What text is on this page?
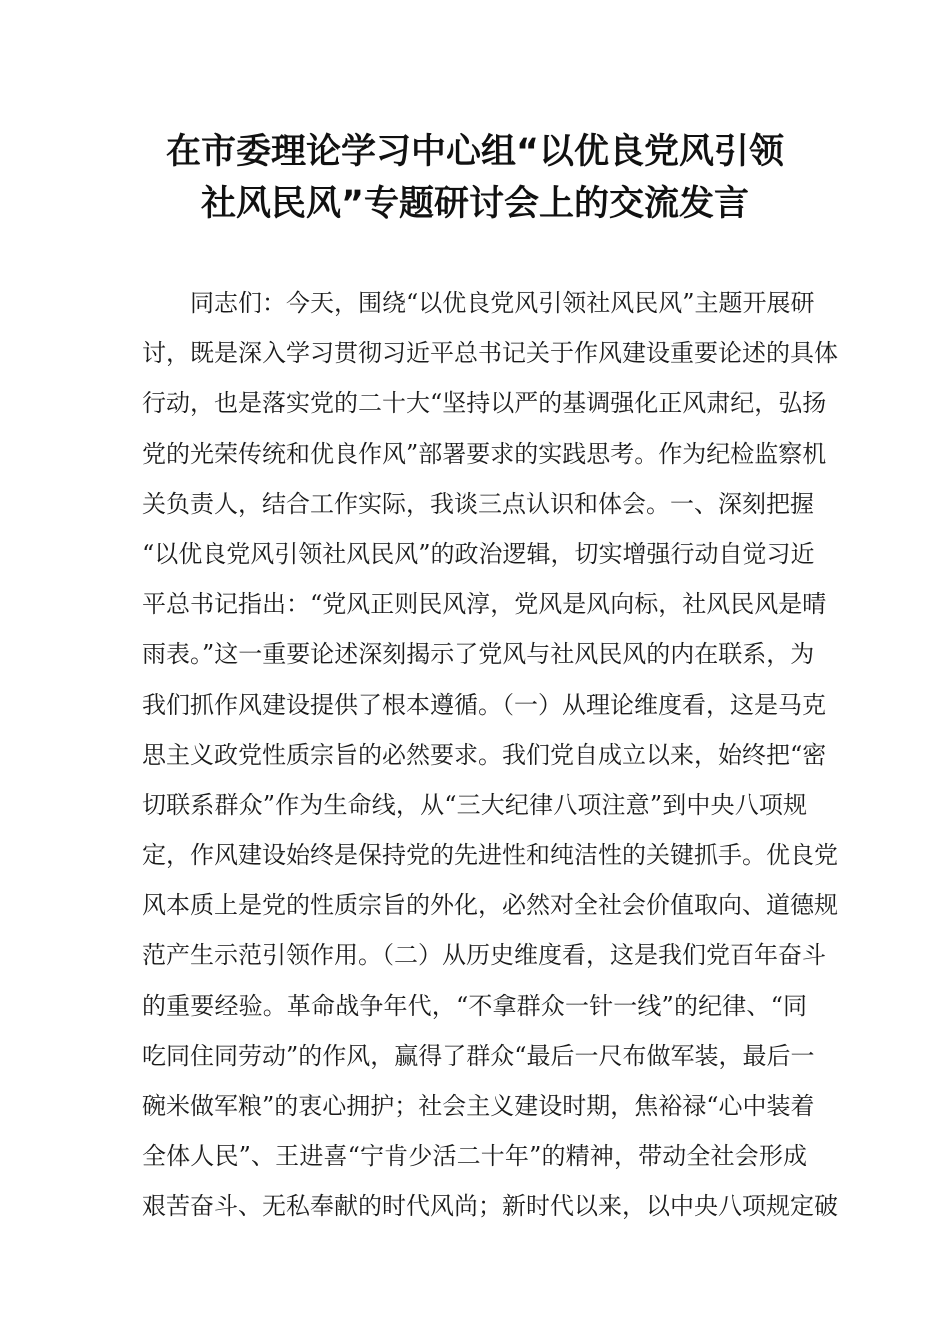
在市委理论学习中心组“以优良党风引领
社风民风”专题研讨会上的交流发言
同志们：今天，围绕“以优良党风引领社风民风”主题开展研
讨，既是深入学习贯彻习近平总书记关于作风建设重要论述的具体
行动，也是落实党的二十大“坚持以严的基调强化正风肃纪，弘扬
党的光荣传统和优良作风”部署要求的实践思考。作为纪检监察机
关负责人，结合工作实际，我谈三点认识和体会。一、深刻把握
“以优良党风引领社风民风”的政治逻辑，切实增强行动自觉习近
平总书记指出：“党风正则民风淳，党风是风向标，社风民风是晴
雨表。”这一重要论述深刻揭示了党风与社风民风的内在联系，为
我们抓作风建设提供了根本遵循。（一）从理论维度看，这是马克
思主义政党性质宗旨的必然要求。我们党自成立以来，始终把“密
切联系群众”作为生命线，从“三大纪律八项注意”到中央八项规
定，作风建设始终是保持党的先进性和纯洁性的关键抓手。优良党
风本质上是党的性质宗旨的外化，必然对全社会价值取向、道德规
范产生示范引领作用。（二）从历史维度看，这是我们党百年奋斗
的重要经验。革命战争年代，“不拿群众一针一线”的纪律、“同
吃同住同劳动”的作风，赢得了群众“最后一尺布做军装，最后一
碗米做军粮”的衷心拥护；社会主义建设时期，焦裕禄“心中装着
全体人民”、王进喜“宁肯少活二十年”的精神，带动全社会形成
艰苦奋斗、无私奉献的时代风尚；新时代以来，以中央八项规定破
